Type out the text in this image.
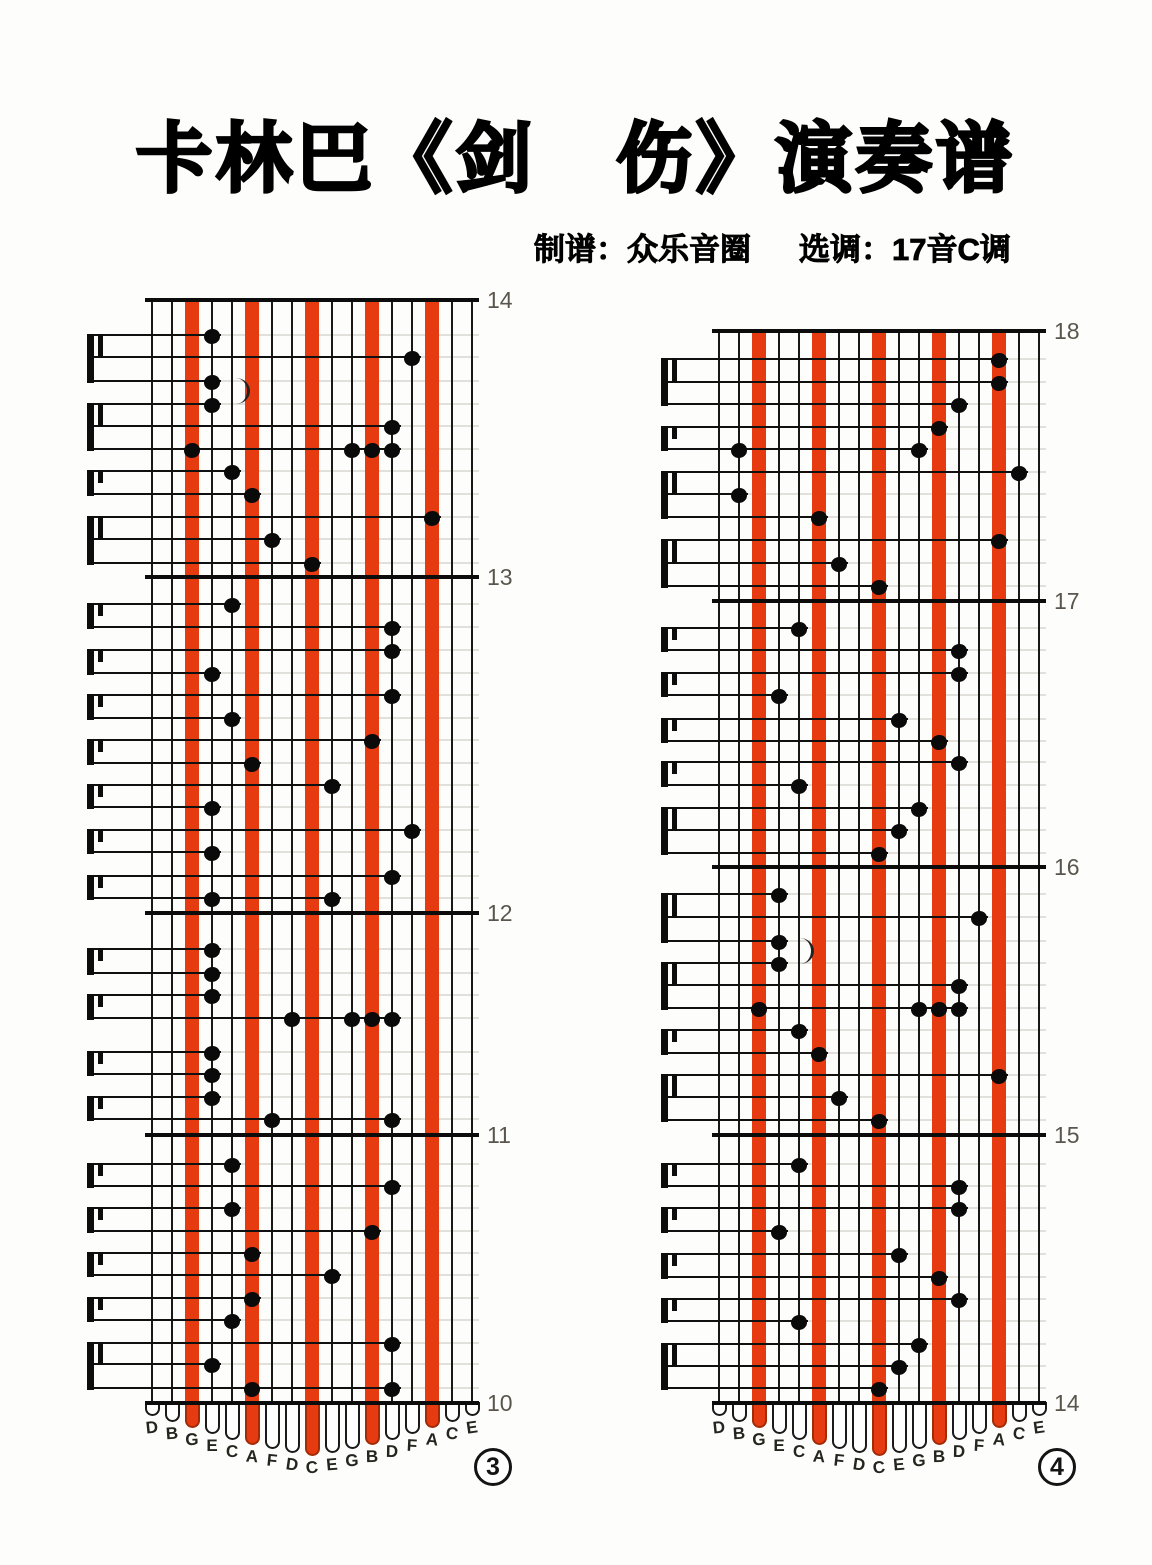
卡林巴《剑　伤》演奏谱
制谱：众乐音圈 选调：17音C调
14
13
12
11
10
D B G E C A F D C E G B D F A C E
3
18
17
16
15
14
D B G E C A F D C E G B D F A C E
4
